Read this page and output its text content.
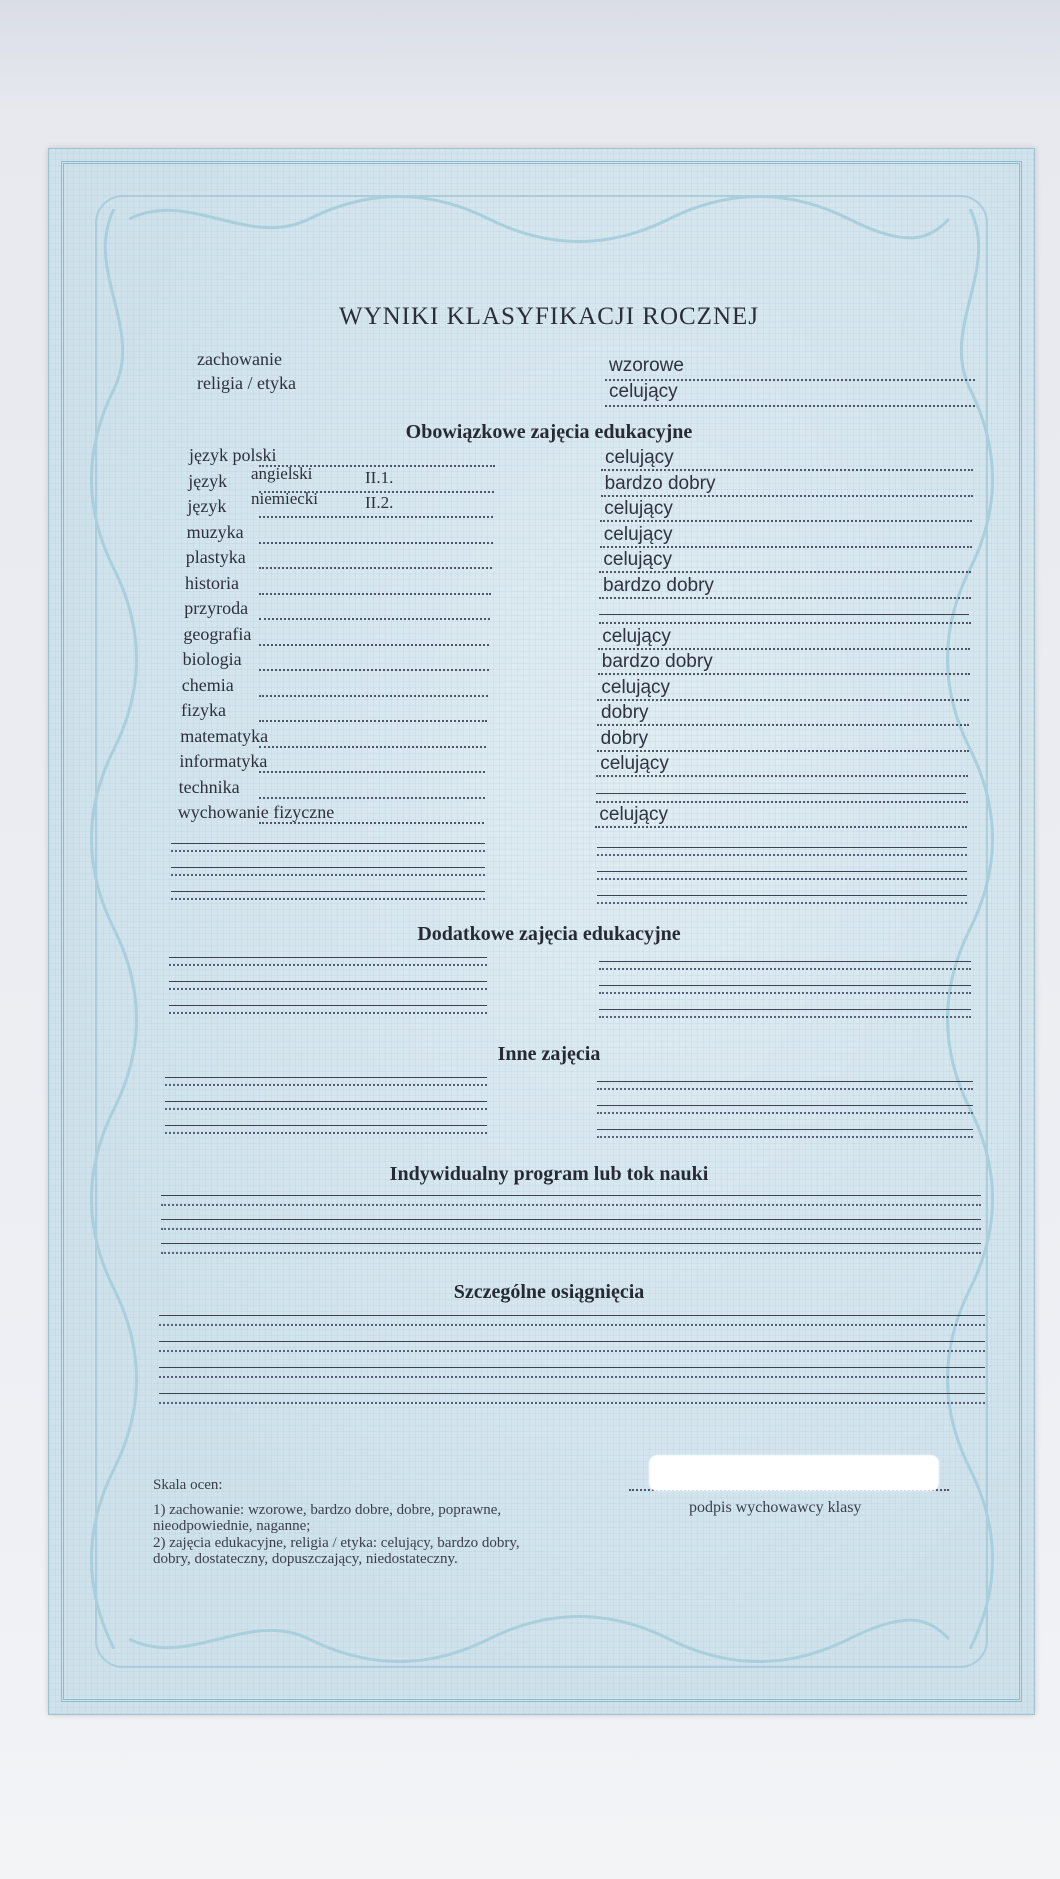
WYNIKI KLASYFIKACJI ROCZNEJ
zachowanie	wzorowe
religia / etyka	celujący
Obowiązkowe zajęcia edukacyjne
język polski	celujący
język angielski	II.1.	bardzo dobry
język niemiecki	II.2.	celujący
muzyka	celujący
plastyka	celujący
historia	bardzo dobry
przyroda
geografia	celujący
biologia	bardzo dobry
chemia	celujący
fizyka	dobry
matematyka	dobry
informatyka	celujący
technika
wychowanie fizyczne	celujący
Dodatkowe zajęcia edukacyjne
Inne zajęcia
Indywidualny program lub tok nauki
Szczególne osiągnięcia
Skala ocen:
1) zachowanie: wzorowe, bardzo dobre, dobre, poprawne,
nieodpowiednie, naganne;
2) zajęcia edukacyjne, religia / etyka: celujący, bardzo dobry,
dobry, dostateczny, dopuszczający, niedostateczny.
podpis wychowawcy klasy
